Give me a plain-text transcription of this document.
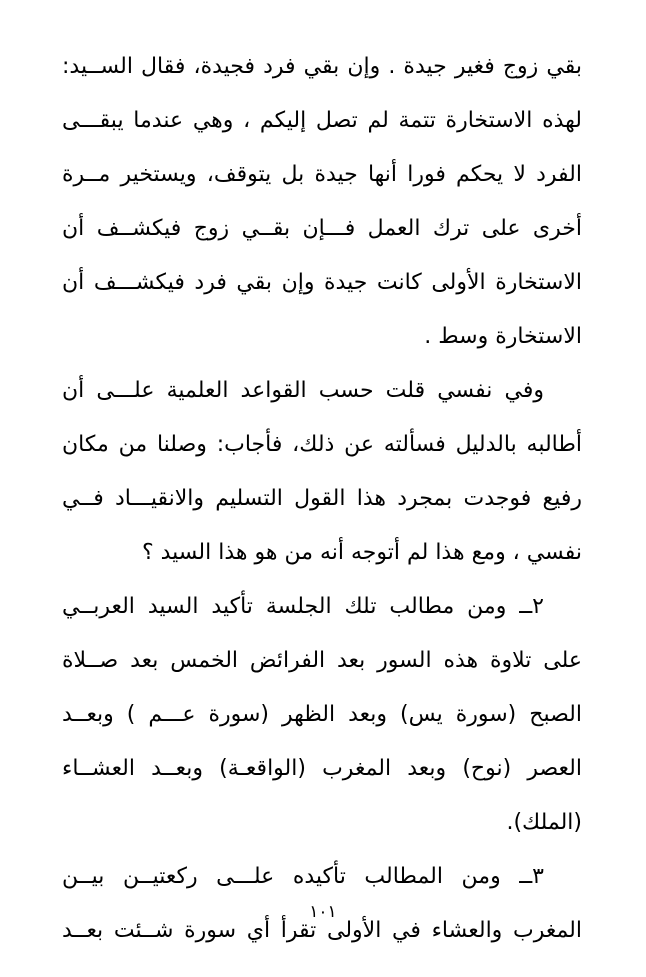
بقي زوج فغير جيدة . وإن بقي فرد فجيدة، فقال الســيد:
لهذه الاستخارة تتمة لم تصل إليكم ، وهي عندما يبقـــى
الفرد لا يحكم فورا أنها جيدة بل يتوقف، ويستخير مــرة
أخرى على ترك العمل فـــإن بقــي زوج فيكشــف أن
الاستخارة الأولى كانت جيدة وإن بقي فرد فيكشـــف أن
الاستخارة وسط .
وفي نفسي قلت حسب القواعد العلمية علـــى أن
أطالبه بالدليل فسألته عن ذلك، فأجاب: وصلنا من مكان
رفيع فوجدت بمجرد هذا القول التسليم والانقيـــاد فــي
نفسي ، ومع هذا لم أتوجه أنه من هو هذا السيد ؟
٢ــ ومن مطالب تلك الجلسة تأكيد السيد العربــي
على تلاوة هذه السور بعد الفرائض الخمس بعد صــلاة
الصبح (سورة يس) وبعد الظهر (سورة عـــم ) وبعــد
العصر (نوح) وبعد المغرب (الواقعـة) وبعــد العشــاء
(الملك).
٣ــ ومن المطالب تأكيده علـــى ركعتيــن بيــن
المغرب والعشاء في الأولى تقرأ أي سورة شــئت بعــد
١٠١
